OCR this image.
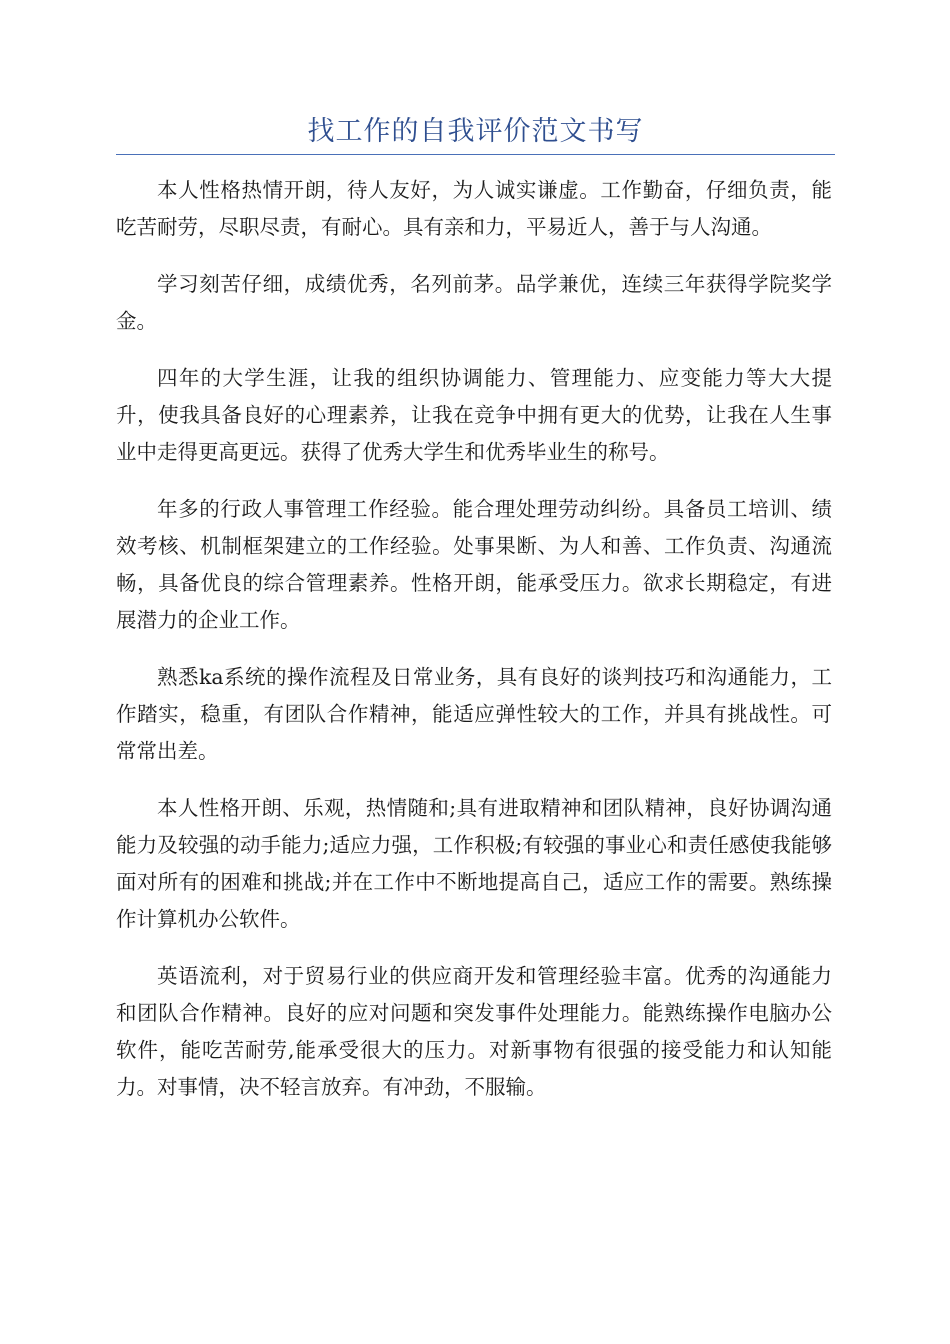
找工作的自我评价范文书写

本人性格热情开朗，待人友好，为人诚实谦虚。工作勤奋，仔细负责，能吃苦耐劳，尽职尽责，有耐心。具有亲和力，平易近人，善于与人沟通。

学习刻苦仔细，成绩优秀，名列前茅。品学兼优，连续三年获得学院奖学金。

四年的大学生涯，让我的组织协调能力、管理能力、应变能力等大大提升，使我具备良好的心理素养，让我在竞争中拥有更大的优势，让我在人生事业中走得更高更远。获得了优秀大学生和优秀毕业生的称号。

年多的行政人事管理工作经验。能合理处理劳动纠纷。具备员工培训、绩效考核、机制框架建立的工作经验。处事果断、为人和善、工作负责、沟通流畅，具备优良的综合管理素养。性格开朗，能承受压力。欲求长期稳定，有进展潜力的企业工作。

熟悉ka系统的操作流程及日常业务，具有良好的谈判技巧和沟通能力，工作踏实，稳重，有团队合作精神，能适应弹性较大的工作，并具有挑战性。可常常出差。

本人性格开朗、乐观，热情随和;具有进取精神和团队精神，良好协调沟通能力及较强的动手能力;适应力强，工作积极;有较强的事业心和责任感使我能够面对所有的困难和挑战;并在工作中不断地提高自己，适应工作的需要。熟练操作计算机办公软件。

英语流利，对于贸易行业的供应商开发和管理经验丰富。优秀的沟通能力和团队合作精神。良好的应对问题和突发事件处理能力。能熟练操作电脑办公软件，能吃苦耐劳,能承受很大的压力。对新事物有很强的接受能力和认知能力。对事情，决不轻言放弃。有冲劲，不服输。
